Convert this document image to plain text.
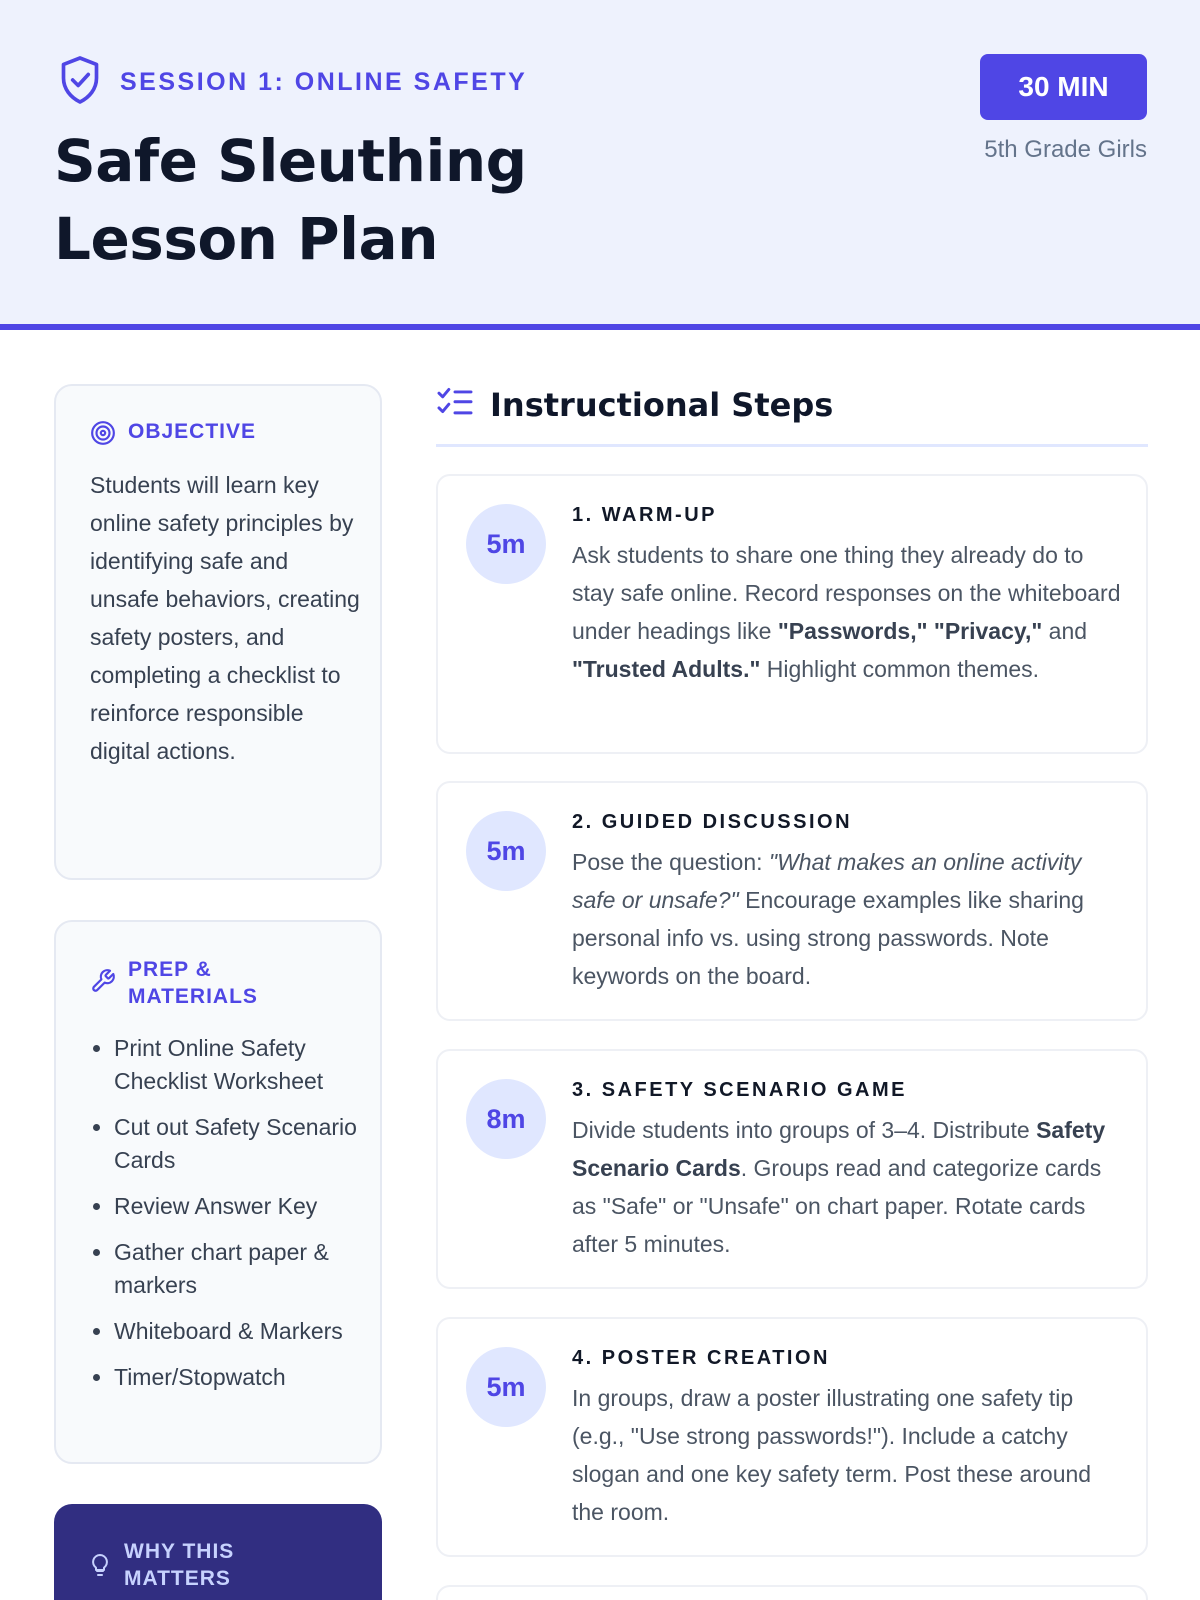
SESSION 1: ONLINE SAFETY
Safe Sleuthing
Lesson Plan
30 MIN
5th Grade Girls
OBJECTIVE
Students will learn key online safety principles by identifying safe and unsafe behaviors, creating safety posters, and completing a checklist to reinforce responsible digital actions.
PREP &
MATERIALS
• Print Online Safety Checklist Worksheet
• Cut out Safety Scenario Cards
• Review Answer Key
• Gather chart paper & markers
• Whiteboard & Markers
• Timer/Stopwatch
WHY THIS
MATTERS
Instructional Steps
5m
1. WARM-UP
Ask students to share one thing they already do to stay safe online. Record responses on the whiteboard under headings like "Passwords," "Privacy," and "Trusted Adults." Highlight common themes.
5m
2. GUIDED DISCUSSION
Pose the question: "What makes an online activity safe or unsafe?" Encourage examples like sharing personal info vs. using strong passwords. Note keywords on the board.
8m
3. SAFETY SCENARIO GAME
Divide students into groups of 3–4. Distribute Safety Scenario Cards. Groups read and categorize cards as "Safe" or "Unsafe" on chart paper. Rotate cards after 5 minutes.
5m
4. POSTER CREATION
In groups, draw a poster illustrating one safety tip (e.g., "Use strong passwords!"). Include a catchy slogan and one key safety term. Post these around the room.
